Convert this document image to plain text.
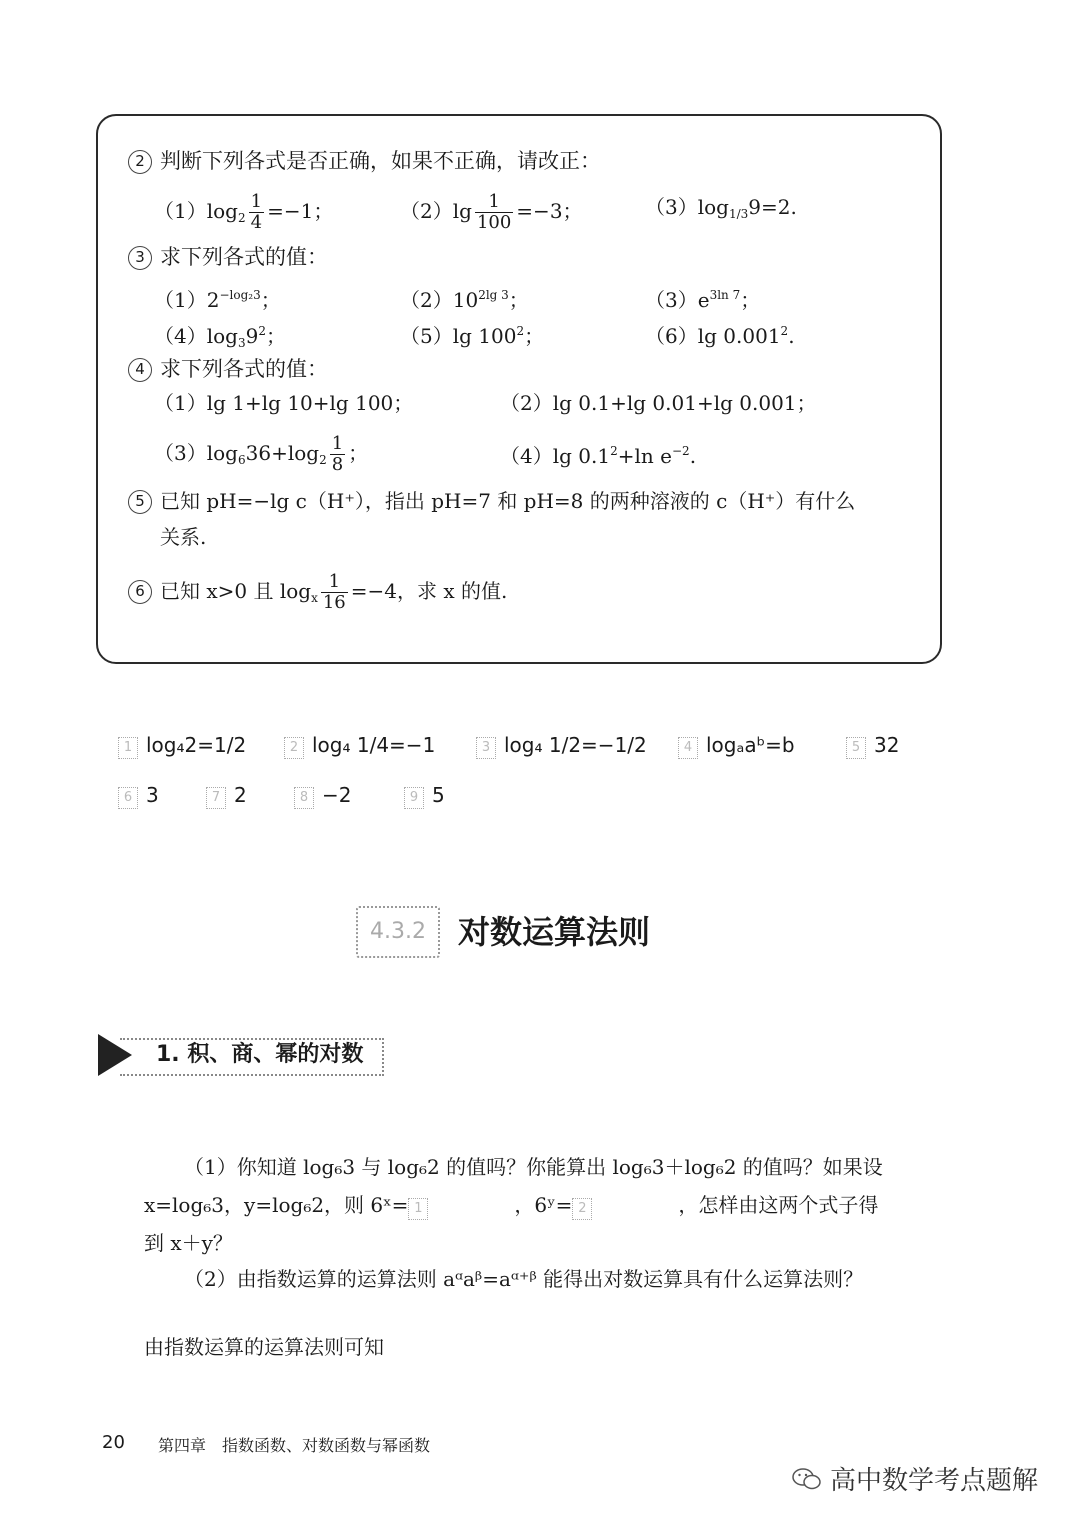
2 判断下列各式是否正确，如果不正确，请改正：
$(1)\log_2 \frac{1}{4} =-1$；	$(2)\lg \frac{1}{100} =-3$；	$(3)\log_{1/3}9=2$.
3 求下列各式的值：
$(1)2^{-log_23}$；	$(2)10^{2lg 3}$；	$(3)e^{3ln 7}$；
$(4)\log_39^2$；	（5）lg $100^2$；	（6）lg 0.001$^2$.
4 求下列各式的值：
（1）lg 1+lg 10+lg 100；	（2）lg 0.1+lg 0.01+lg 0.001；
$(3)\log_636+\log_2 \frac{1}{8}$ ；	（4）lg $0.1^2+\ln$ $e^{-2}$.
5 已知 pH=−lg c（H⁺），指出 pH=7 和 pH=8 的两种溶液的 c（H⁺）有什么
关系.
6 已知 x>0 且 $\log_x \frac{1}{16} =-4$，求 x 的值.
1 log₄2=1/2	2 log₄ 1/4=−1	3 log₄ 1/2=−1/2	4 logₐaᵇ=b	5 32
6 3	7 2	8 −2	9 5
4.3.2	对数运算法则
1. 积、商、幂的对数
（1）你知道 log₆3 与 log₆2 的值吗？你能算出 log₆3＋log₆2 的值吗？如果设
x=log₆3，y=log₆2，则 6ˣ= 1	，6ʸ= 2	，怎样由这两个式子得
到 x＋y？
（2）由指数运算的运算法则 aᵅaᵝ=aᵅ⁺ᵝ 能得出对数运算具有什么运算法则？
由指数运算的运算法则可知
20 第四章　指数函数、对数函数与幂函数
高中数学考点题解
